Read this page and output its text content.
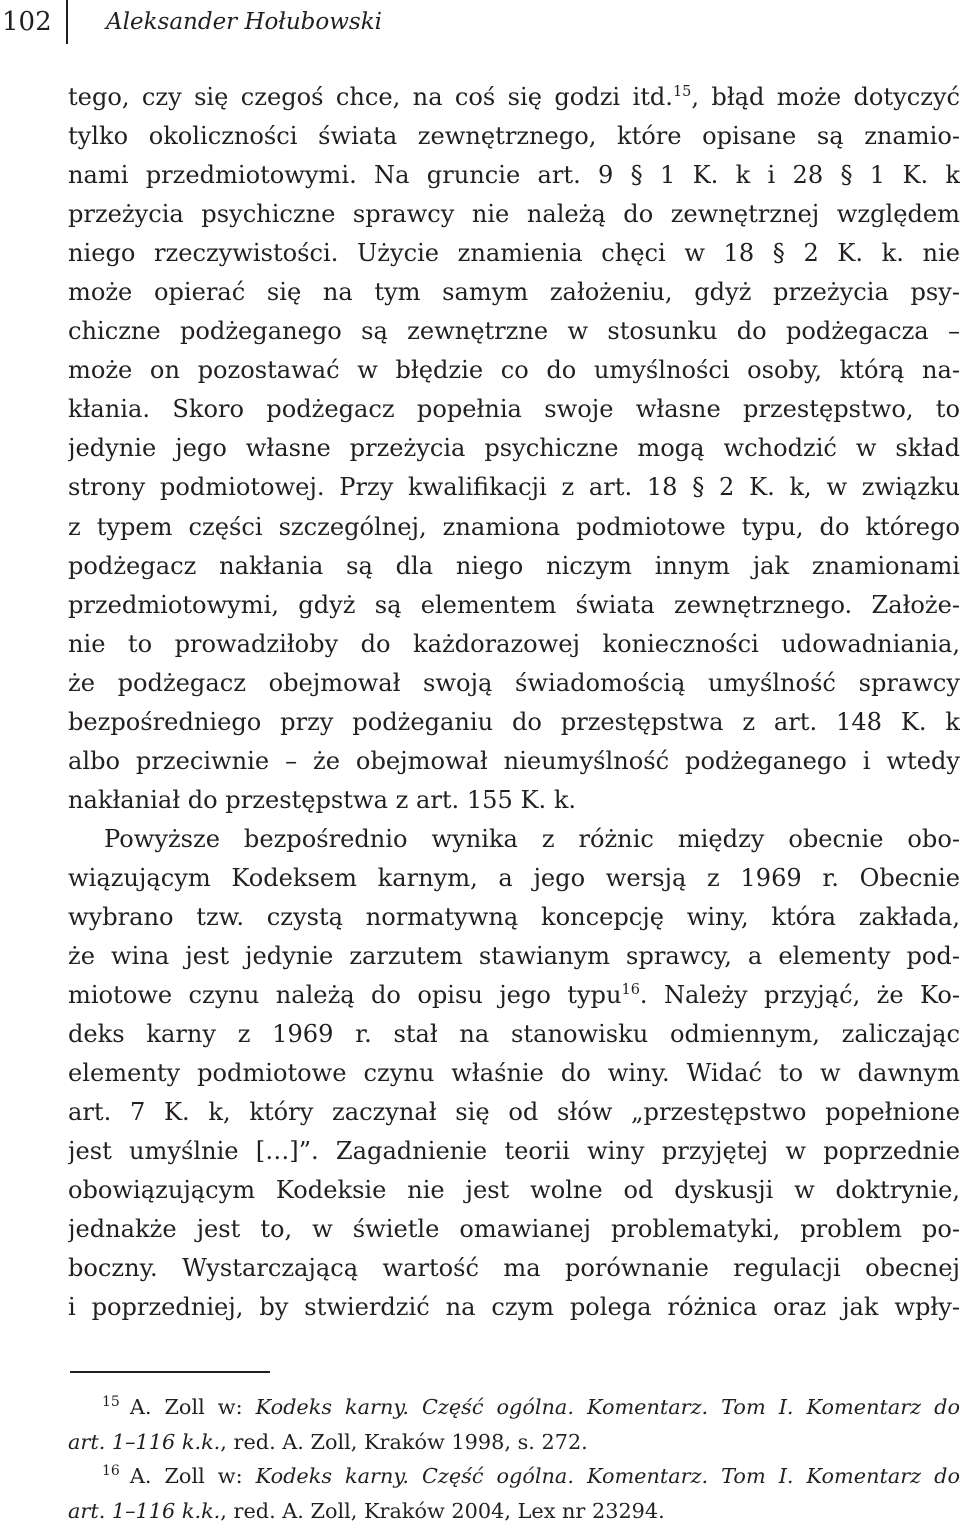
102 Aleksander Hołubowski
tego, czy się czegoś chce, na coś się godzi itd.$^{15}$, błąd może dotyczyć
tylko okoliczności świata zewnętrznego, które opisane są znamio-
nami przedmiotowymi. Na gruncie art. 9 § 1 K. k i 28 § 1 K. k
przeżycia psychiczne sprawcy nie należą do zewnętrznej względem
niego rzeczywistości. Użycie znamienia chęci w 18 § 2 K. k. nie
może opierać się na tym samym założeniu, gdyż przeżycia psy-
chiczne podżeganego są zewnętrzne w stosunku do podżegacza –
może on pozostawać w błędzie co do umyślności osoby, którą na-
kłania. Skoro podżegacz popełnia swoje własne przestępstwo, to
jedynie jego własne przeżycia psychiczne mogą wchodzić w skład
strony podmiotowej. Przy kwalifikacji z art. 18 § 2 K. k, w związku
z typem części szczególnej, znamiona podmiotowe typu, do którego
podżegacz nakłania są dla niego niczym innym jak znamionami
przedmiotowymi, gdyż są elementem świata zewnętrznego. Założe-
nie to prowadziłoby do każdorazowej konieczności udowadniania,
że podżegacz obejmował swoją świadomością umyślność sprawcy
bezpośredniego przy podżeganiu do przestępstwa z art. 148 K. k
albo przeciwnie – że obejmował nieumyślność podżeganego i wtedy
nakłaniał do przestępstwa z art. 155 K. k.
Powyższe bezpośrednio wynika z różnic między obecnie obo-
wiązującym Kodeksem karnym, a jego wersją z 1969 r. Obecnie
wybrano tzw. czystą normatywną koncepcję winy, która zakłada,
że wina jest jedynie zarzutem stawianym sprawcy, a elementy pod-
miotowe czynu należą do opisu jego typu$^{16}$. Należy przyjąć, że Ko-
deks karny z 1969 r. stał na stanowisku odmiennym, zaliczając
elementy podmiotowe czynu właśnie do winy. Widać to w dawnym
art. 7 K. k, który zaczynał się od słów „przestępstwo popełnione
jest umyślnie […]”. Zagadnienie teorii winy przyjętej w poprzednie
obowiązującym Kodeksie nie jest wolne od dyskusji w doktrynie,
jednakże jest to, w świetle omawianej problematyki, problem po-
boczny. Wystarczającą wartość ma porównanie regulacji obecnej
i poprzedniej, by stwierdzić na czym polega różnica oraz jak wpły-
$^{15}$ A. Zoll w: Kodeks karny. Część ogólna. Komentarz. Tom I. Komentarz do
art. 1–116 k.k., red. A. Zoll, Kraków 1998, s. 272.
$^{16}$ A. Zoll w: Kodeks karny. Część ogólna. Komentarz. Tom I. Komentarz do
art. 1–116 k.k., red. A. Zoll, Kraków 2004, Lex nr 23294.
